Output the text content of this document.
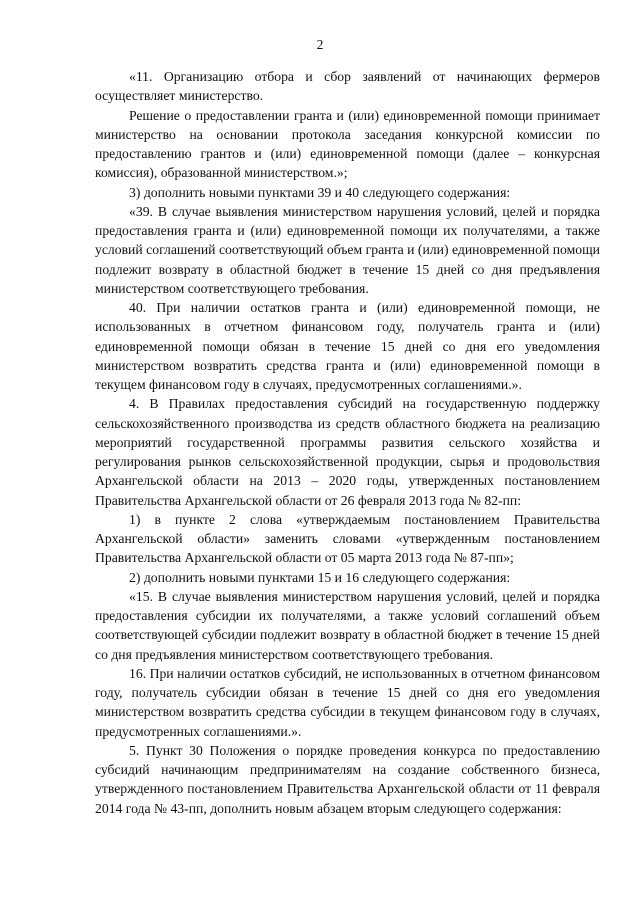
2

«11. Организацию отбора и сбор заявлений от начинающих фермеров осуществляет министерство.

Решение о предоставлении гранта и (или) единовременной помощи принимает министерство на основании протокола заседания конкурсной комиссии по предоставлению грантов и (или) единовременной помощи (далее – конкурсная комиссия), образованной министерством.»;

3) дополнить новыми пунктами 39 и 40 следующего содержания:

«39. В случае выявления министерством нарушения условий, целей и порядка предоставления гранта и (или) единовременной помощи их получателями, а также условий соглашений соответствующий объем гранта и (или) единовременной помощи подлежит возврату в областной бюджет в течение 15 дней со дня предъявления министерством соответствующего требования.

40. При наличии остатков гранта и (или) единовременной помощи, не использованных в отчетном финансовом году, получатель гранта и (или) единовременной помощи обязан в течение 15 дней со дня его уведомления министерством возвратить средства гранта и (или) единовременной помощи в текущем финансовом году в случаях, предусмотренных соглашениями.».

4. В Правилах предоставления субсидий на государственную поддержку сельскохозяйственного производства из средств областного бюджета на реализацию мероприятий государственной программы развития сельского хозяйства и регулирования рынков сельскохозяйственной продукции, сырья и продовольствия Архангельской области на 2013 – 2020 годы, утвержденных постановлением Правительства Архангельской области от 26 февраля 2013 года № 82-пп:

1) в пункте 2 слова «утверждаемым постановлением Правительства Архангельской области» заменить словами «утвержденным постановлением Правительства Архангельской области от 05 марта 2013 года № 87-пп»;

2) дополнить новыми пунктами 15 и 16 следующего содержания:

«15. В случае выявления министерством нарушения условий, целей и порядка предоставления субсидии их получателями, а также условий соглашений объем соответствующей субсидии подлежит возврату в областной бюджет в течение 15 дней со дня предъявления министерством соответствующего требования.

16. При наличии остатков субсидий, не использованных в отчетном финансовом году, получатель субсидии обязан в течение 15 дней со дня его уведомления министерством возвратить средства субсидии в текущем финансовом году в случаях, предусмотренных соглашениями.».

5. Пункт 30 Положения о порядке проведения конкурса по предоставлению субсидий начинающим предпринимателям на создание собственного бизнеса, утвержденного постановлением Правительства Архангельской области от 11 февраля 2014 года № 43-пп, дополнить новым абзацем вторым следующего содержания:
